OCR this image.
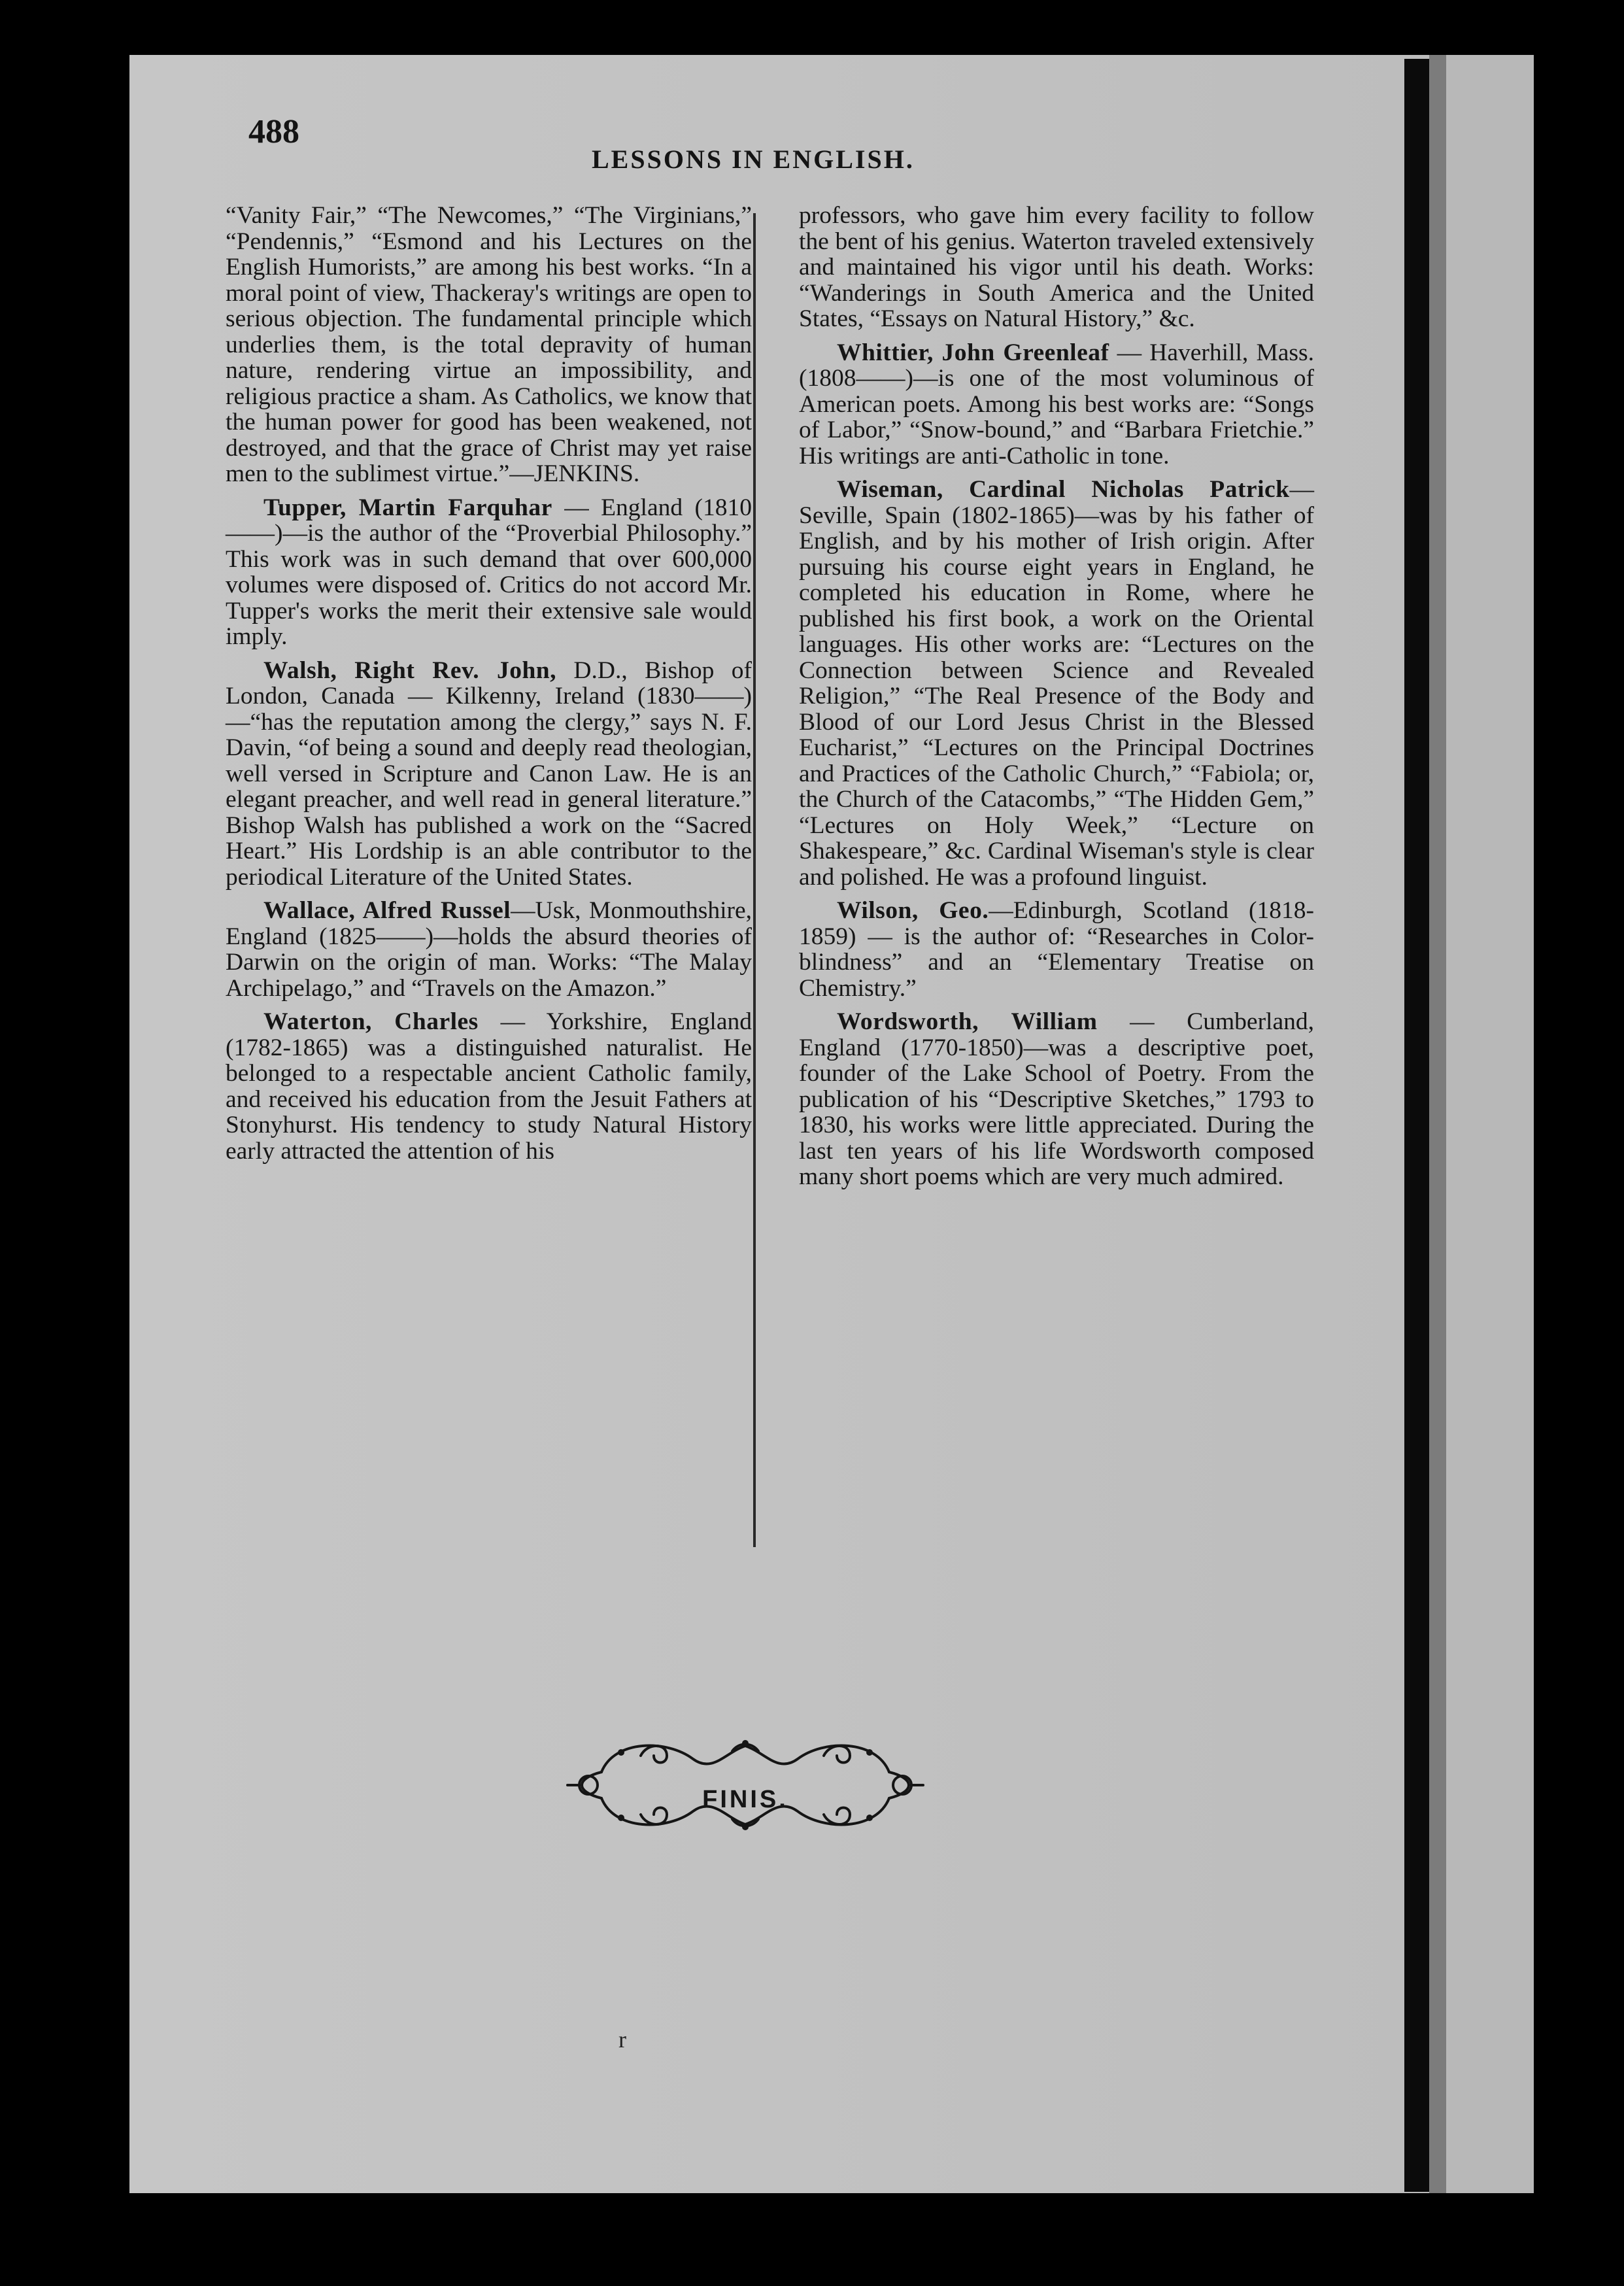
488
LESSONS IN ENGLISH.

“Vanity Fair,” “The Newcomes,” “The Virginians,” “Pendennis,” “Esmond and his Lectures on the English Humorists,” are among his best works. “In a moral point of view, Thackeray's writings are open to serious objection. The fundamental principle which underlies them, is the total depravity of human nature, rendering virtue an impossibility, and religious practice a sham. As Catholics, we know that the human power for good has been weakened, not destroyed, and that the grace of Christ may yet raise men to the sublimest virtue.”—JENKINS.

Tupper, Martin Farquhar — England (1810——)—is the author of the “Proverbial Philosophy.” This work was in such demand that over 600,000 volumes were disposed of. Critics do not accord Mr. Tupper's works the merit their extensive sale would imply.

Walsh, Right Rev. John, D.D., Bishop of London, Canada — Kilkenny, Ireland (1830——)—“has the reputation among the clergy,” says N. F. Davin, “of being a sound and deeply read theologian, well versed in Scripture and Canon Law. He is an elegant preacher, and well read in general literature.” Bishop Walsh has published a work on the “Sacred Heart.” His Lordship is an able contributor to the periodical Literature of the United States.

Wallace, Alfred Russel—Usk, Monmouthshire, England (1825——)—holds the absurd theories of Darwin on the origin of man. Works: “The Malay Archipelago,” and “Travels on the Amazon.”

Waterton, Charles — Yorkshire, England (1782-1865) was a distinguished naturalist. He belonged to a respectable ancient Catholic family, and received his education from the Jesuit Fathers at Stonyhurst. His tendency to study Natural History early attracted the attention of his

professors, who gave him every facility to follow the bent of his genius. Waterton traveled extensively and maintained his vigor until his death. Works: “Wanderings in South America and the United States, “Essays on Natural History,” &c.

Whittier, John Greenleaf — Haverhill, Mass. (1808——)—is one of the most voluminous of American poets. Among his best works are: “Songs of Labor,” “Snow-bound,” and “Barbara Frietchie.” His writings are anti-Catholic in tone.

Wiseman, Cardinal Nicholas Patrick—Seville, Spain (1802-1865)—was by his father of English, and by his mother of Irish origin. After pursuing his course eight years in England, he completed his education in Rome, where he published his first book, a work on the Oriental languages. His other works are: “Lectures on the Connection between Science and Revealed Religion,” “The Real Presence of the Body and Blood of our Lord Jesus Christ in the Blessed Eucharist,” “Lectures on the Principal Doctrines and Practices of the Catholic Church,” “Fabiola; or, the Church of the Catacombs,” “The Hidden Gem,” “Lectures on Holy Week,” “Lecture on Shakespeare,” &c. Cardinal Wiseman's style is clear and polished. He was a profound linguist.

Wilson, Geo.—Edinburgh, Scotland (1818-1859) — is the author of: “Researches in Color-blindness” and an “Elementary Treatise on Chemistry.”

Wordsworth, William — Cumberland, England (1770-1850)—was a descriptive poet, founder of the Lake School of Poetry. From the publication of his “Descriptive Sketches,” 1793 to 1830, his works were little appreciated. During the last ten years of his life Wordsworth composed many short poems which are very much admired.

FINIS.
r
